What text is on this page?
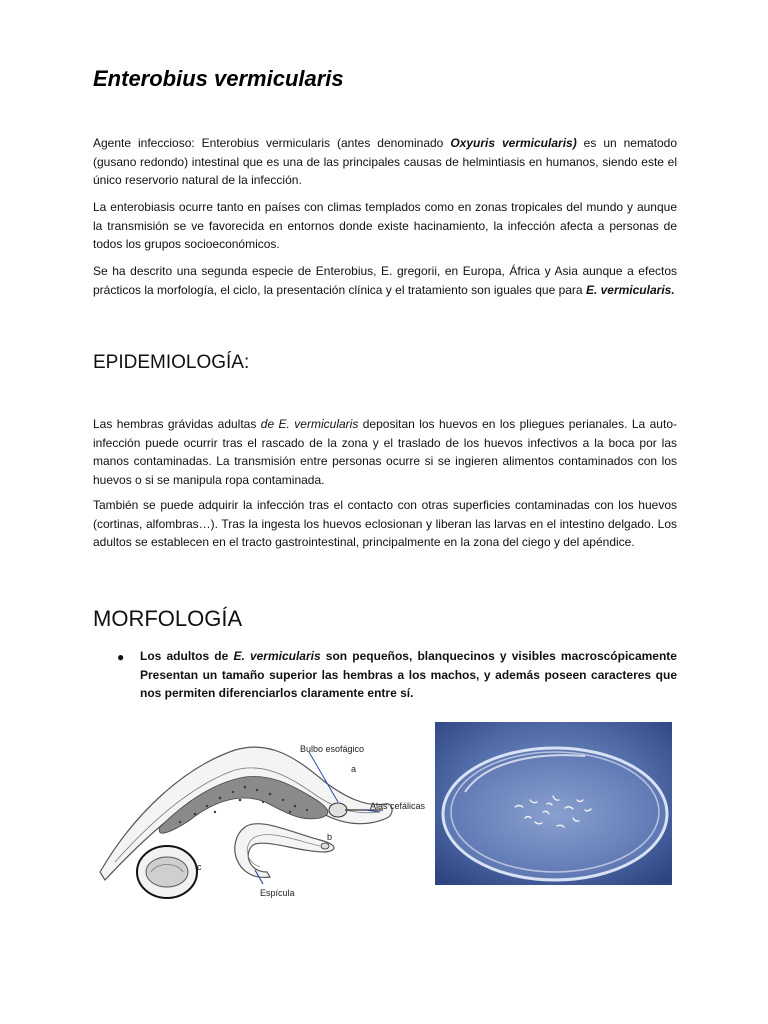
Enterobius vermicularis

Agente infeccioso: Enterobius vermicularis (antes denominado Oxyuris vermicularis) es un nematodo (gusano redondo) intestinal que es una de las principales causas de helmintiasis en humanos, siendo este el único reservorio natural de la infección.

La enterobiasis ocurre tanto en países con climas templados como en zonas tropicales del mundo y aunque la transmisión se ve favorecida en entornos donde existe hacinamiento, la infección afecta a personas de todos los grupos socioeconómicos.

Se ha descrito una segunda especie de Enterobius, E. gregorii, en Europa, África y Asia aunque a efectos prácticos la morfología, el ciclo, la presentación clínica y el tratamiento son iguales que para E. vermicularis.

EPIDEMIOLOGÍA:

Las hembras grávidas adultas de E. vermicularis depositan los huevos en los pliegues perianales. La auto-infección puede ocurrir tras el rascado de la zona y el traslado de los huevos infectivos a la boca por las manos contaminadas. La transmisión entre personas ocurre si se ingieren alimentos contaminados con los huevos o si se manipula ropa contaminada.

También se puede adquirir la infección tras el contacto con otras superficies contaminadas con los huevos (cortinas, alfombras…). Tras la ingesta los huevos eclosionan y liberan las larvas en el intestino delgado. Los adultos se establecen en el tracto gastrointestinal, principalmente en la zona del ciego y del apéndice.

MORFOLOGÍA
●	Los adultos de E. vermicularis son pequeños, blanquecinos y visibles macroscópicamente Presentan un tamaño superior las hembras a los machos, y además poseen caracteres que nos permiten diferenciarlos claramente entre sí.

Bulbo esofágico
a
Alas cefálicas
c
b
Espícula
